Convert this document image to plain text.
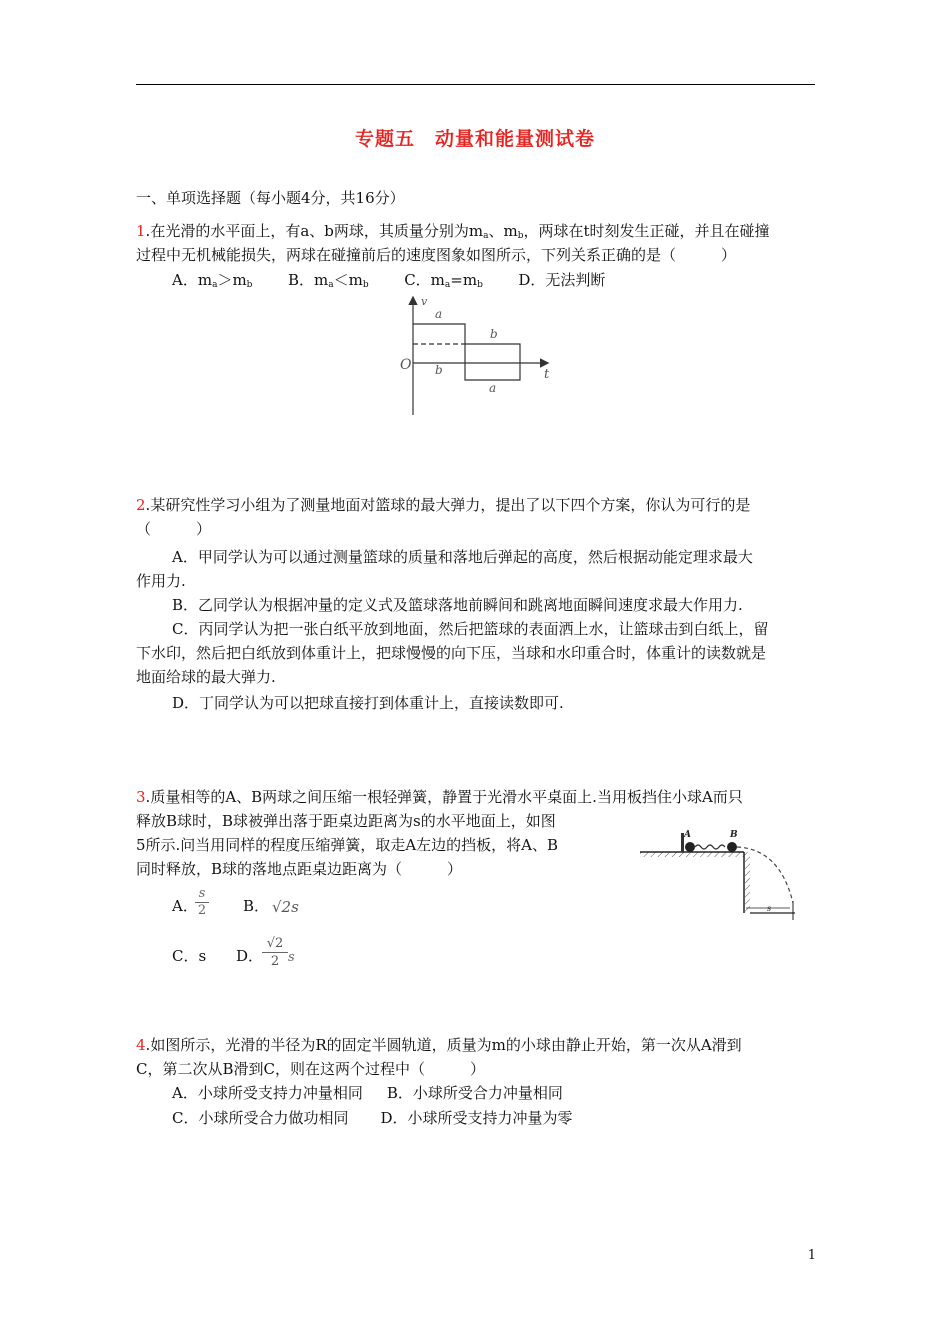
专题五　动量和能量测试卷
一、单项选择题（每小题4分，共16分）
1.在光滑的水平面上，有a、b两球，其质量分别为$m_a$、$m_b$，两球在t时刻发生正碰，并且在碰撞
过程中无机械能损失，两球在碰撞前后的速度图象如图所示，下列关系正确的是（　　　）
A．$m_a>m_b$ B．$m_a<m_b$ C．$m_a=m_b$ D．无法判断
v
O
t
a
b
b
a
2.某研究性学习小组为了测量地面对篮球的最大弹力，提出了以下四个方案，你认为可行的是
（　　　）
A．甲同学认为可以通过测量篮球的质量和落地后弹起的高度，然后根据动能定理求最大
作用力.
B．乙同学认为根据冲量的定义式及篮球落地前瞬间和跳离地面瞬间速度求最大作用力.
C．丙同学认为把一张白纸平放到地面，然后把篮球的表面洒上水，让篮球击到白纸上，留
下水印，然后把白纸放到体重计上，把球慢慢的向下压，当球和水印重合时，体重计的读数就是
地面给球的最大弹力.
D．丁同学认为可以把球直接打到体重计上，直接读数即可.
3.质量相等的A、B两球之间压缩一根轻弹簧，静置于光滑水平桌面上.当用板挡住小球A而只
释放B球时，B球被弹出落于距桌边距离为s的水平地面上，如图
5所示.问当用同样的程度压缩弹簧，取走A左边的挡板，将A、B
同时释放，B球的落地点距桌边距离为（　　　）
A	B
s
A．
$\frac{s}{2}$ B． √2s
C．s D．
$\frac{√2}{2}$ s
4.如图所示，光滑的半径为R的固定半圆轨道，质量为m的小球由静止开始，第一次从A滑到
C，第二次从B滑到C，则在这两个过程中（　　　）
A．小球所受支持力冲量相同 B．小球所受合力冲量相同
C．小球所受合力做功相同 D．小球所受支持力冲量为零
1
